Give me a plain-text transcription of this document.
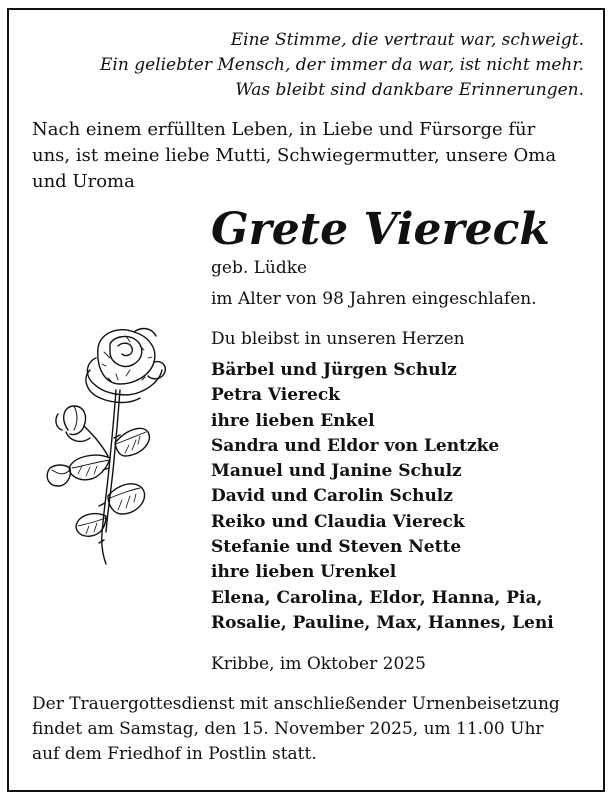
Eine Stimme, die vertraut war, schweigt.
Ein geliebter Mensch, der immer da war, ist nicht mehr.
Was bleibt sind dankbare Erinnerungen.
Nach einem erfüllten Leben, in Liebe und Fürsorge für
uns, ist meine liebe Mutti, Schwiegermutter, unsere Oma
und Uroma
Grete Viereck
geb. Lüdke
im Alter von 98 Jahren eingeschlafen.
Du bleibst in unseren Herzen
Bärbel und Jürgen Schulz
Petra Viereck
ihre lieben Enkel
Sandra und Eldor von Lentzke
Manuel und Janine Schulz
David und Carolin Schulz
Reiko und Claudia Viereck
Stefanie und Steven Nette
ihre lieben Urenkel
Elena, Carolina, Eldor, Hanna, Pia,
Rosalie, Pauline, Max, Hannes, Leni
Kribbe, im Oktober 2025
Der Trauergottesdienst mit anschließender Urnenbeisetzung
findet am Samstag, den 15. November 2025, um 11.00 Uhr
auf dem Friedhof in Postlin statt.
